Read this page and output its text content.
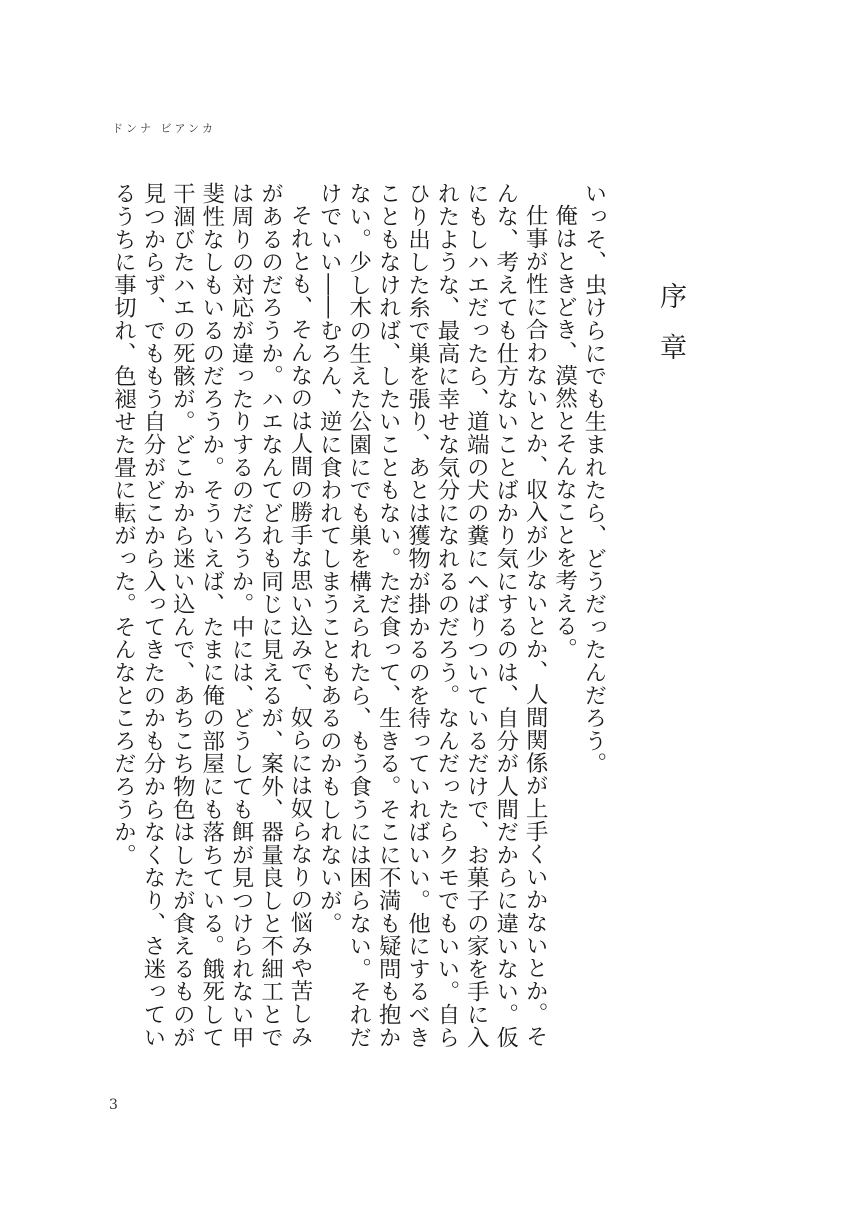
ドンナ ビアンカ
序章

いっそ、虫けらにでも生まれたら、どうだったんだろう。

俺はときどき、漠然とそんなことを考える。

仕事が性に合わないとか、収入が少ないとか、人間関係が上手くいかないとか。そんな、考えても仕方ないことばかり気にするのは、自分が人間だからに違いない。仮にもしハエだったら、道端の犬の糞にへばりついているだけで、お菓子の家を手に入れたような、最高に幸せな気分になれるのだろう。なんだったらクモでもいい。自らひり出した糸で巣を張り、あとは獲物が掛かるのを待っていればいい。他にするべきこともなければ、したいこともない。ただ食って、生きる。そこに不満も疑問も抱かない。少し木の生えた公園にでも巣を構えられたら、もう食うには困らない。それだけでいい――むろん、逆に食われてしまうこともあるのかもしれないが。

それとも、そんなのは人間の勝手な思い込みで、奴らには奴らなりの悩みや苦しみがあるのだろうか。ハエなんてどれも同じに見えるが、案外、器量良しと不細工とでは周りの対応が違ったりするのだろうか。中には、どうしても餌が見つけられない甲斐性なしもいるのだろうか。そういえば、たまに俺の部屋にも落ちている。餓死して干涸びたハエの死骸が。どこかから迷い込んで、あちこち物色はしたが食えるものが見つからず、でももう自分がどこから入ってきたのかも分からなくなり、さ迷っているうちに事切れ、色褪せた畳に転がった。そんなところだろうか。

3
